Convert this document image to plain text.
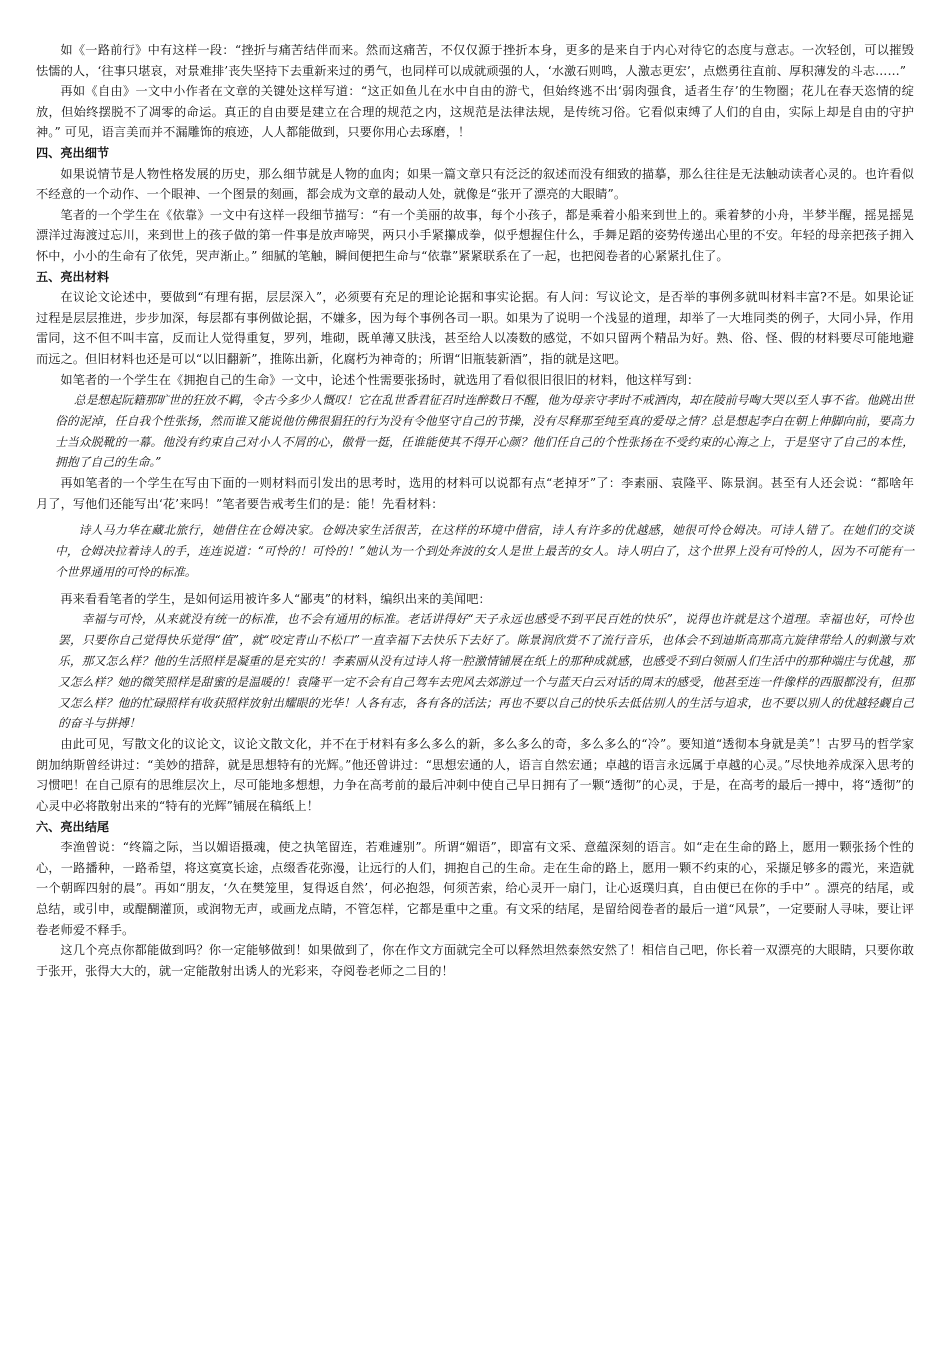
如《一路前行》中有这样一段：“挫折与痛苦结伴而来。然而这痛苦，不仅仅源于挫折本身，更多的是来自于内心对待它的态度与意志。一次轻创，可以摧毁怯懦的人，‘往事只堪哀，对景难排’丧失坚持下去重新来过的勇气，也同样可以成就顽强的人，‘水激石则鸣，人激志更宏’，点燃勇往直前、厚积薄发的斗志……”

再如《自由》一文中小作者在文章的关键处这样写道：“这正如鱼儿在水中自由的游弋，但始终逃不出‘弱肉强食，适者生存’的生物圈；花儿在春天恣情的绽放，但始终摆脱不了凋零的命运。真正的自由要是建立在合理的规范之内，这规范是法律法规，是传统习俗。它看似束缚了人们的自由，实际上却是自由的守护神。” 可见，语言美而并不漏雕饰的痕迹，人人都能做到，只要你用心去琢磨，！

四、亮出细节

如果说情节是人物性格发展的历史，那么细节就是人物的血肉；如果一篇文章只有泛泛的叙述而没有细致的描摹，那么往往是无法触动读者心灵的。也许看似不经意的一个动作、一个眼神、一个图景的刻画，都会成为文章的最动人处，就像是“张开了漂亮的大眼睛”。

笔者的一个学生在《依靠》一文中有这样一段细节描写：“有一个美丽的故事，每个小孩子，都是乘着小船来到世上的。乘着梦的小舟，半梦半醒，摇晃摇晃漂洋过海渡过忘川，来到世上的孩子做的第一件事是放声啼哭，两只小手紧攥成拳，似乎想握住什么，手舞足蹈的姿势传递出心里的不安。年轻的母亲把孩子拥入怀中，小小的生命有了依凭，哭声渐止。” 细腻的笔触，瞬间便把生命与“依靠”紧紧联系在了一起，也把阅卷者的心紧紧扎住了。

五、亮出材料

在议论文论述中，要做到“有理有据，层层深入”，必须要有充足的理论论据和事实论据。有人问：写议论文，是否举的事例多就叫材料丰富?不是。如果论证过程是层层推进，步步加深，每层都有事例做论据，不嫌多，因为每个事例各司一职。如果为了说明一个浅显的道理，却举了一大堆同类的例子，大同小异，作用雷同，这不但不叫丰富，反而让人觉得重复，罗列，堆砌，既单薄又肤浅，甚至给人以凑数的感觉，不如只留两个精品为好。熟、俗、怪、假的材料要尽可能地避而远之。但旧材料也还是可以“以旧翻新”，推陈出新，化腐朽为神奇的；所谓“旧瓶装新酒”，指的就是这吧。

如笔者的一个学生在《拥抱自己的生命》一文中，论述个性需要张扬时，就选用了看似很旧很旧的材料，他这样写到：

总是想起阮籍那旷世的狂放不羁，令古今多少人慨叹！它在乱世香君征召时连醉数日不醒，他为母亲守孝时不戒酒肉，却在陵前号啕大哭以至人事不省。他跳出世俗的泥淖，任自我个性张扬，然而谁又能说他仿佛很猖狂的行为没有令他坚守自己的节操，没有尽释那至纯至真的爱母之情？总是想起李白在朝上伸脚向前，要高力士当众脱靴的一幕。他没有约束自己对小人不屑的心，傲骨一挺，任谁能使其不得开心颜？他们任自己的个性张扬在不受约束的心海之上，于是坚守了自己的本性，拥抱了自己的生命。”

再如笔者的一个学生在写由下面的一则材料而引发出的思考时，选用的材料可以说都有点“老掉牙”了：李素丽、袁隆平、陈景润。甚至有人还会说：“都啥年月了，写他们还能写出‘花’来吗！”笔者要告戒考生们的是：能！先看材料：

诗人马力华在藏北旅行，她借住在仓姆决家。仓姆决家生活很苦，在这样的环境中借宿，诗人有许多的优越感，她很可怜仓姆决。可诗人错了。在她们的交谈中，仓姆决拉着诗人的手，连连说道：“可怜的！可怜的！”她认为一个到处奔波的女人是世上最苦的女人。诗人明白了，这个世界上没有可怜的人，因为不可能有一个世界通用的可怜的标准。

再来看看笔者的学生，是如何运用被许多人“鄙夷”的材料，编织出来的美闻吧：

幸福与可怜，从来就没有统一的标准，也不会有通用的标准。老话讲得好“天子永远也感受不到平民百姓的快乐”，说得也许就是这个道理。幸福也好，可怜也罢，只要你自己觉得快乐觉得“值”，就“咬定青山不松口”一直幸福下去快乐下去好了。陈景润欣赏不了流行音乐，也体会不到迪斯高那高亢旋律带给人的刺激与欢乐，那又怎么样？他的生活照样是凝重的是充实的！李素丽从没有过诗人将一腔激情铺展在纸上的那种成就感，也感受不到白领丽人们生活中的那种端庄与优越，那又怎么样？她的微笑照样是甜蜜的是温暖的！袁隆平一定不会有自己驾车去兜风去郊游过一个与蓝天白云对话的周末的感受，他甚至连一件像样的西服都没有，但那又怎么样？他的忙碌照样有收获照样放射出耀眼的光华！人各有志，各有各的活法；再也不要以自己的快乐去低估别人的生活与追求，也不要以别人的优越轻觑自己的奋斗与拼搏！

由此可见，写散文化的议论文，议论文散文化，并不在于材料有多么多么的新，多么多么的奇，多么多么的“冷”。要知道“透彻本身就是美”！古罗马的哲学家朗加纳斯曾经讲过：“美妙的措辞，就是思想特有的光辉。”他还曾讲过：“思想宏通的人，语言自然宏通；卓越的语言永远属于卓越的心灵。”尽快地养成深入思考的习惯吧！在自己原有的思维层次上，尽可能地多想想，力争在高考前的最后冲刺中使自己早日拥有了一颗“透彻”的心灵，于是，在高考的最后一搏中，将“透彻”的心灵中必将散射出来的“特有的光辉”铺展在稿纸上！

六、亮出结尾

李渔曾说：“终篇之际，当以媚语摄魂，使之执笔留连，若难遽别”。所谓“媚语”，即富有文采、意蕴深刻的语言。如“走在生命的路上，愿用一颗张扬个性的心，一路播种，一路希望，将这寞寞长途，点缀香花弥漫，让远行的人们，拥抱自己的生命。走在生命的路上，愿用一颗不约束的心，采撷足够多的霞光，来造就一个朝晖四射的晨”。再如“朋友，‘久在樊笼里，复得返自然’，何必抱怨，何须苦索，给心灵开一扇门，让心返璞归真，自由便已在你的手中” 。漂亮的结尾，或总结，或引申，或醍醐灌顶，或润物无声，或画龙点睛，不管怎样，它都是重中之重。有文采的结尾，是留给阅卷者的最后一道“风景”，一定要耐人寻味，要让评卷老师爱不释手。

这几个亮点你都能做到吗？你一定能够做到！如果做到了，你在作文方面就完全可以释然坦然泰然安然了！相信自己吧，你长着一双漂亮的大眼睛，只要你敢于张开，张得大大的，就一定能散射出诱人的光彩来，夺阅卷老师之二目的！
